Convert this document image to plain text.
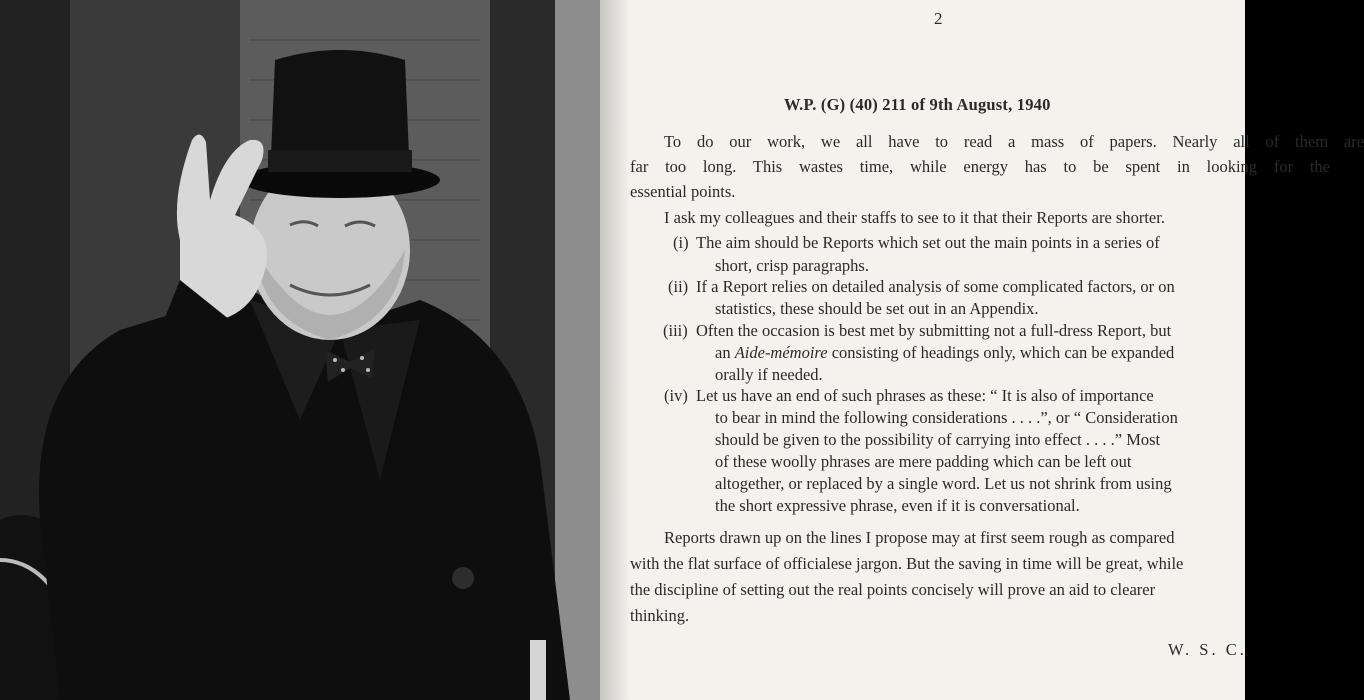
2
W.P. (G) (40) 211 of 9th August, 1940
To do our work, we all have to read a mass of papers. Nearly all of them are
far too long. This wastes time, while energy has to be spent in looking for the
essential points.
I ask my colleagues and their staffs to see to it that their Reports are shorter.
(i) The aim should be Reports which set out the main points in a series of
short, crisp paragraphs.
(ii) If a Report relies on detailed analysis of some complicated factors, or on
statistics, these should be set out in an Appendix.
(iii) Often the occasion is best met by submitting not a full-dress Report, but
an Aide-mémoire consisting of headings only, which can be expanded
orally if needed.
(iv) Let us have an end of such phrases as these: “ It is also of importance
to bear in mind the following considerations . . . .”, or “ Consideration
should be given to the possibility of carrying into effect . . . .” Most
of these woolly phrases are mere padding which can be left out
altogether, or replaced by a single word. Let us not shrink from using
the short expressive phrase, even if it is conversational.
Reports drawn up on the lines I propose may at first seem rough as compared
with the flat surface of officialese jargon. But the saving in time will be great, while
the discipline of setting out the real points concisely will prove an aid to clearer
thinking.
W. S. C.
